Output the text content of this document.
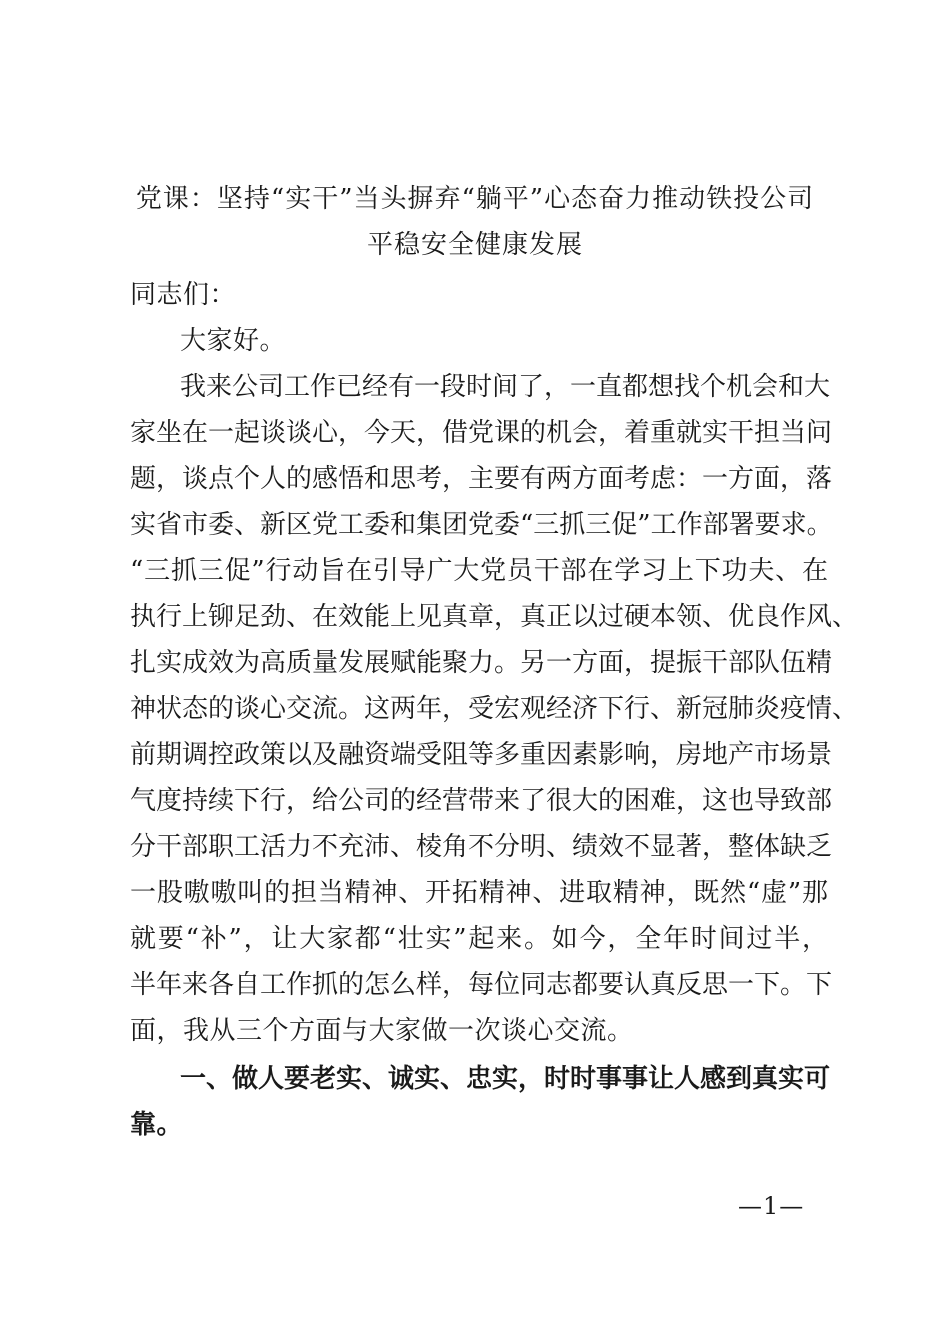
党课：坚持“实干”当头摒弃“躺平”心态奋力推动铁投公司
平稳安全健康发展
同志们：
大家好。
我来公司工作已经有一段时间了，一直都想找个机会和大
家坐在一起谈谈心，今天，借党课的机会，着重就实干担当问
题，谈点个人的感悟和思考，主要有两方面考虑：一方面，落
实省市委、新区党工委和集团党委“三抓三促”工作部署要求。
“三抓三促”行动旨在引导广大党员干部在学习上下功夫、在
执行上铆足劲、在效能上见真章，真正以过硬本领、优良作风、
扎实成效为高质量发展赋能聚力。另一方面，提振干部队伍精
神状态的谈心交流。这两年，受宏观经济下行、新冠肺炎疫情、
前期调控政策以及融资端受阻等多重因素影响，房地产市场景
气度持续下行，给公司的经营带来了很大的困难，这也导致部
分干部职工活力不充沛、棱角不分明、绩效不显著，整体缺乏
一股嗷嗷叫的担当精神、开拓精神、进取精神，既然“虚”那
就要“补”，让大家都“壮实”起来。如今，全年时间过半，
半年来各自工作抓的怎么样，每位同志都要认真反思一下。下
面，我从三个方面与大家做一次谈心交流。
一、做人要老实、诚实、忠实，时时事事让人感到真实可
靠。
—1—
